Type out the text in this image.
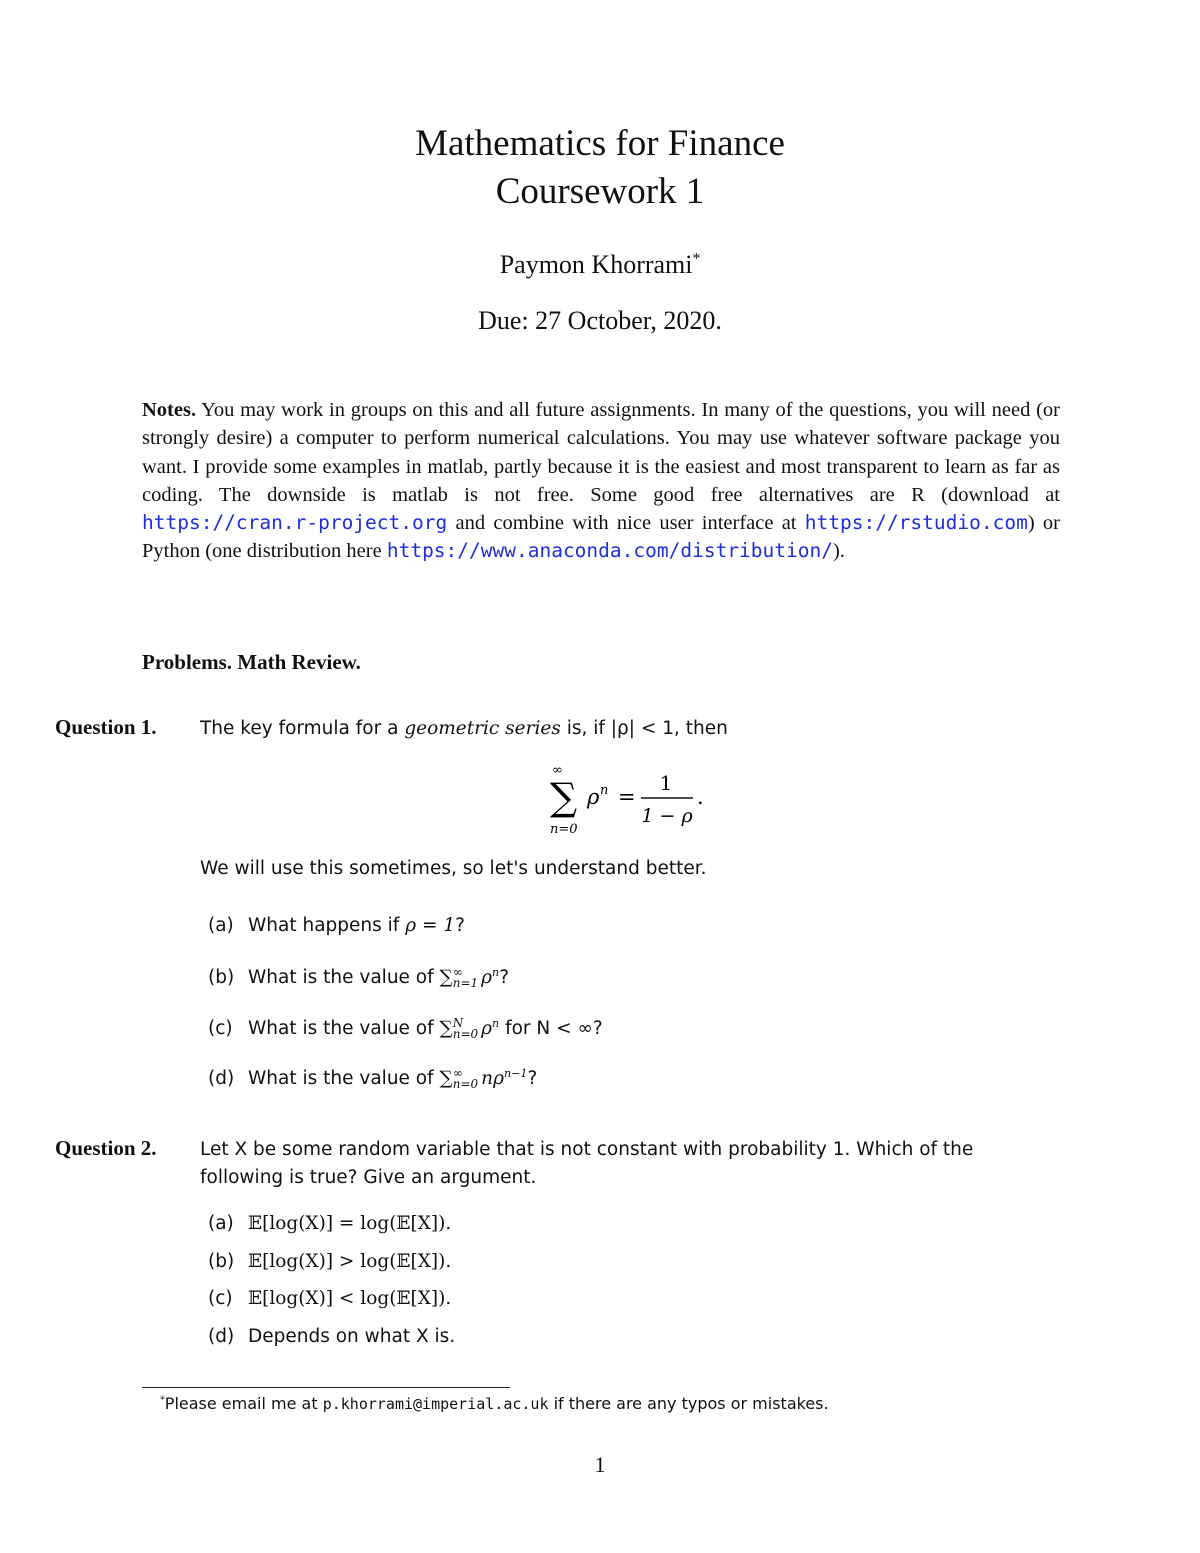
Mathematics for Finance
Coursework 1
Paymon Khorrami*
Due: 27 October, 2020.
Notes. You may work in groups on this and all future assignments. In many of the questions, you will need (or strongly desire) a computer to perform numerical calculations. You may use whatever software package you want. I provide some examples in matlab, partly because it is the easiest and most transparent to learn as far as coding. The downside is matlab is not free. Some good free alternatives are R (download at https://cran.r-project.org and combine with nice user interface at https://rstudio.com) or Python (one distribution here https://www.anaconda.com/distribution/).
Problems. Math Review.
Question 1. The key formula for a geometric series is, if |ρ| < 1, then
∞
∑
n=0
ρ n =
1
1 − ρ
.
We will use this sometimes, so let's understand better.
(a) What happens if ρ = 1?
(b) What is the value of ∑ ∞
n=1 $\rho^n$?
(c) What is the value of ∑ N
n=0 $\rho^n$ for N < ∞?
(d) What is the value of ∑ ∞
n=0 $n\rho^{n-1}$?
Question 2. Let X be some random variable that is not constant with probability 1. Which of the following is true? Give an argument.
(a) 𝔼[log(X)] = log(𝔼[X]).
(b) 𝔼[log(X)] > log(𝔼[X]).
(c) 𝔼[log(X)] < log(𝔼[X]).
(d) Depends on what X is.
*Please email me at p.khorrami@imperial.ac.uk if there are any typos or mistakes.
1
